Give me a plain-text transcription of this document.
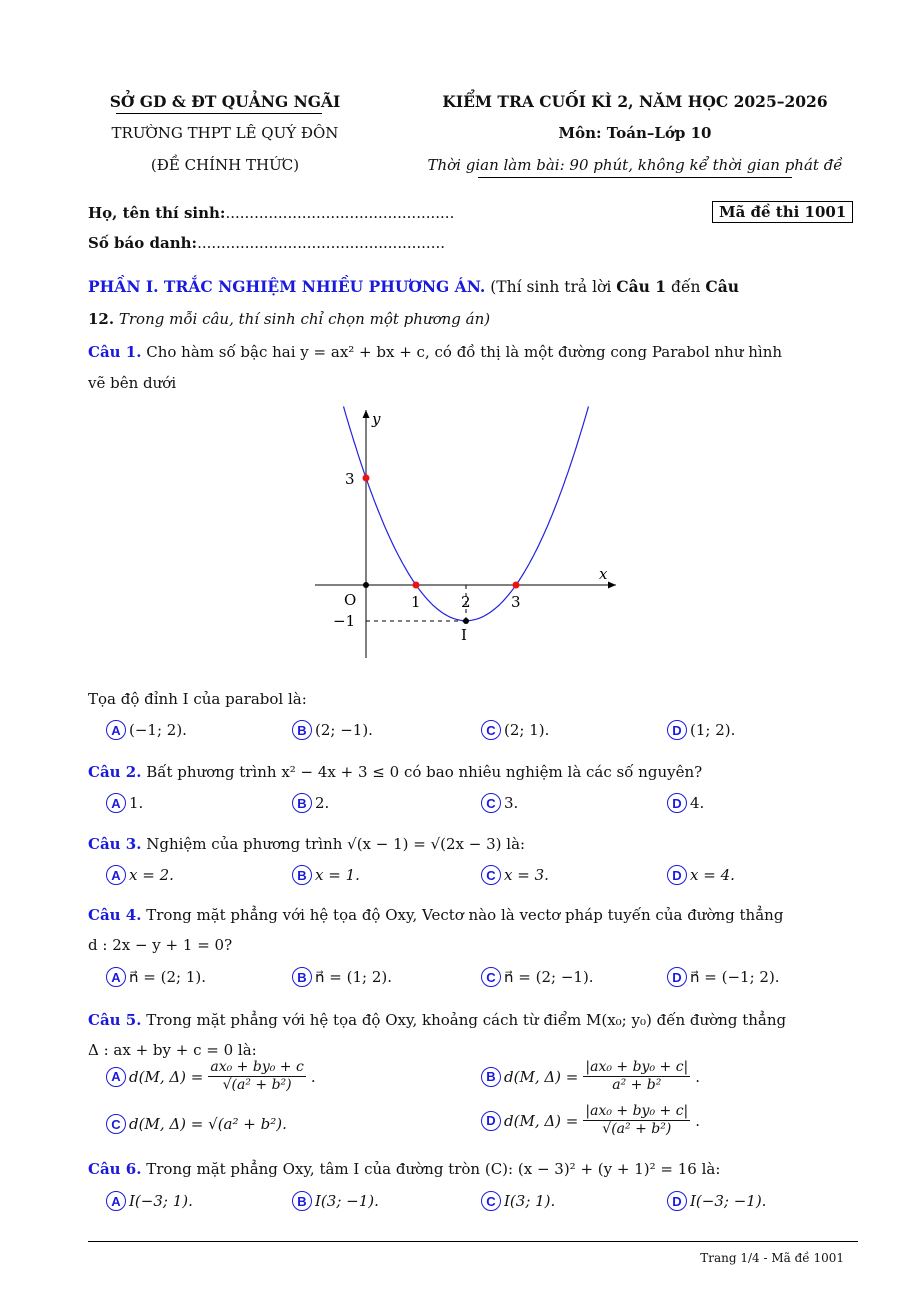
SỞ GD & ĐT QUẢNG NGÃI
TRƯỜNG THPT LÊ QUÝ ĐÔN
(ĐỀ CHÍNH THỨC)
KIỂM TRA CUỐI KÌ 2, NĂM HỌC 2025–2026
Môn: Toán–Lớp 10
Thời gian làm bài: 90 phút, không kể thời gian phát đề
Họ, tên thí sinh:................................................	Mã đề thi 1001
Số báo danh:....................................................
PHẦN I. TRẮC NGHIỆM NHIỀU PHƯƠNG ÁN. (Thí sinh trả lời Câu 1 đến Câu
12. Trong mỗi câu, thí sinh chỉ chọn một phương án)
Câu 1. Cho hàm số bậc hai y = ax² + bx + c, có đồ thị là một đường cong Parabol như hình
vẽ bên dưới
y
x
3
O	1	2	3
−1
I
Tọa độ đỉnh I của parabol là:
A (−1; 2).	B (2; −1).	C (2; 1).	D (1; 2).
Câu 2. Bất phương trình x² − 4x + 3 ≤ 0 có bao nhiêu nghiệm là các số nguyên?
A 1.	B 2.	C 3.	D 4.
Câu 3. Nghiệm của phương trình √(x − 1) = √(2x − 3) là:
A x = 2.	B x = 1.	C x = 3.	D x = 4.
Câu 4. Trong mặt phẳng với hệ tọa độ Oxy, Vectơ nào là vectơ pháp tuyến của đường thẳng
d : 2x − y + 1 = 0?
A n⃗ = (2; 1).	B n⃗ = (1; 2).	C n⃗ = (2; −1).	D n⃗ = (−1; 2).
Câu 5. Trong mặt phẳng với hệ tọa độ Oxy, khoảng cách từ điểm M(x₀; y₀) đến đường thẳng
Δ : ax + by + c = 0 là:
A d(M, $\Delta) = \frac{\text{ax₀ + by₀ + c}}{\text{√(a² + b²)}}$ .	B d(M, $\Delta) = \frac{\text{|ax₀ + by₀ + c|}}{\text{a² + b²}}$ .
C d(M, Δ) = √(a² + b²).	D d(M, $\Delta) = \frac{\text{|ax₀ + by₀ + c|}}{\text{√(a² + b²)}}$ .
Câu 6. Trong mặt phẳng Oxy, tâm I của đường tròn (C): (x − 3)² + (y + 1)² = 16 là:
A I(−3; 1).	B I(3; −1).	C I(3; 1).	D I(−3; −1).
Trang 1/4 - Mã đề 1001
